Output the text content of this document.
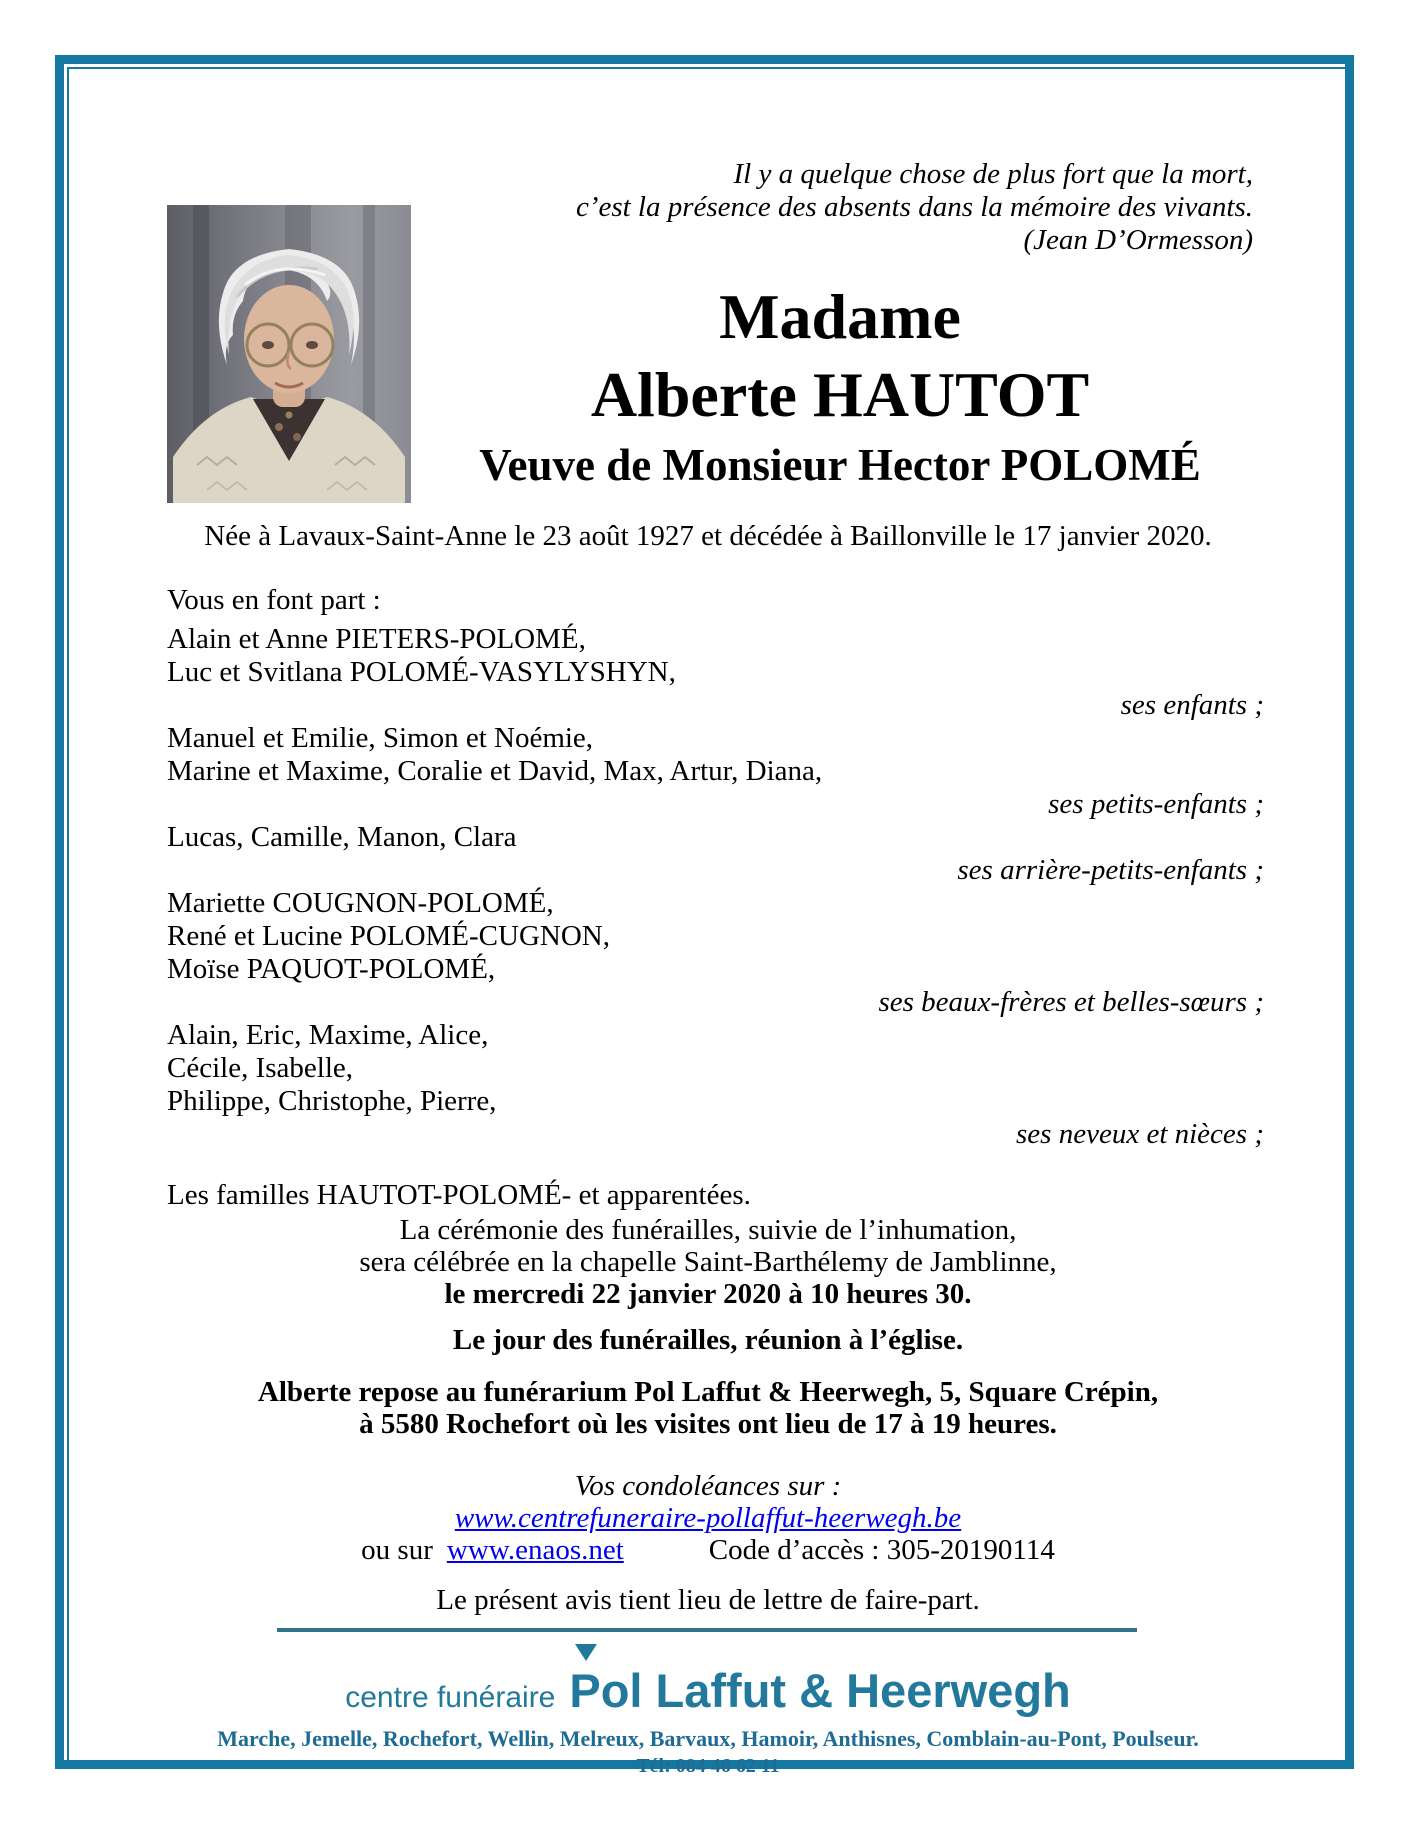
Il y a quelque chose de plus fort que la mort,
c’est la présence des absents dans la mémoire des vivants.
(Jean D’Ormesson)
Madame
Alberte HAUTOT
Veuve de Monsieur Hector POLOMÉ
Née à Lavaux-Saint-Anne le 23 août 1927 et décédée à Baillonville le 17 janvier 2020.
Vous en font part :
Alain et Anne PIETERS-POLOMÉ,
Luc et Svitlana POLOMÉ-VASYLYSHYN,
ses enfants ;
Manuel et Emilie, Simon et Noémie,
Marine et Maxime, Coralie et David, Max, Artur, Diana,
ses petits-enfants ;
Lucas, Camille, Manon, Clara
ses arrière-petits-enfants ;
Mariette COUGNON-POLOMÉ,
René et Lucine POLOMÉ-CUGNON,
Moïse PAQUOT-POLOMÉ,
ses beaux-frères et belles-sœurs ;
Alain, Eric, Maxime, Alice,
Cécile, Isabelle,
Philippe, Christophe, Pierre,
ses neveux et nièces ;
Les familles HAUTOT-POLOMÉ- et apparentées.
La cérémonie des funérailles, suivie de l’inhumation,
sera célébrée en la chapelle Saint-Barthélemy de Jamblinne,
le mercredi 22 janvier 2020 à 10 heures 30.
Le jour des funérailles, réunion à l’église.
Alberte repose au funérarium Pol Laffut & Heerwegh, 5, Square Crépin,
à 5580 Rochefort où les visites ont lieu de 17 à 19 heures.
Vos condoléances sur :
www.centrefuneraire-pollaffut-heerwegh.be
ou sur www.enaos.net	Code d’accès : 305-20190114
Le présent avis tient lieu de lettre de faire-part.
centre funéraire Pol Laffut & Heerwegh
Marche, Jemelle, Rochefort, Wellin, Melreux, Barvaux, Hamoir, Anthisnes, Comblain-au-Pont, Poulseur.
Tél: 084 46 62 11
